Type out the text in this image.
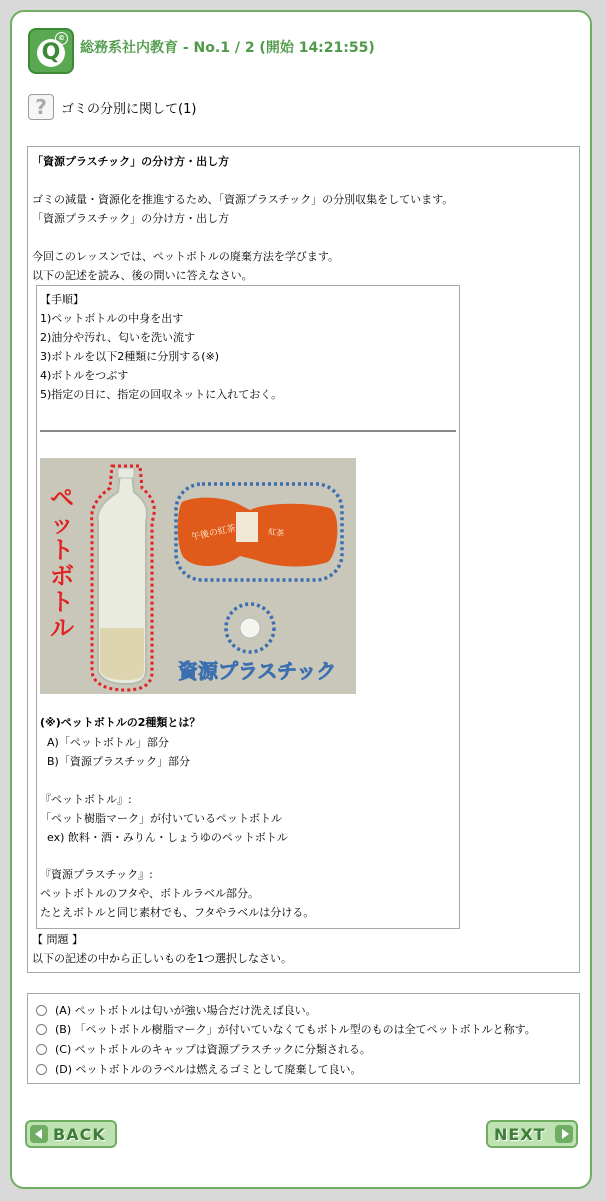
Q
©
総務系社内教育 - No.1 / 2 (開始 14:21:55)
?	ゴミの分別に関して(1)
「資源プラスチック」の分け方・出し方
ゴミの減量・資源化を推進するため、「資源プラスチック」の分別収集をしています。
「資源プラスチック」の分け方・出し方
今回このレッスンでは、ペットボトルの廃棄方法を学びます。
以下の記述を読み、後の問いに答えなさい。
【手順】
1)ペットボトルの中身を出す
2)油分や汚れ、匂いを洗い流す
3)ボトルを以下2種類に分別する(※)
4)ボトルをつぶす
5)指定の日に、指定の回収ネットに入れておく。
ペ
ッ
ト
ボ
ト
ル
午後の紅茶	紅茶
資源プラスチック
(※)ペットボトルの2種類とは？
A)「ペットボトル」部分
B)「資源プラスチック」部分
『ペットボトル』:
「ペット樹脂マーク」が付いているペットボトル
ex) 飲料・酒・みりん・しょうゆのペットボトル
『資源プラスチック』:
ペットボトルのフタや、ボトルラベル部分。
たとえボトルと同じ素材でも、フタやラベルは分ける。
【 問題 】
以下の記述の中から正しいものを1つ選択しなさい。
(A) ペットボトルは匂いが強い場合だけ洗えば良い。
(B) 「ペットボトル樹脂マーク」が付いていなくてもボトル型のものは全てペットボトルと称す。
(C) ペットボトルのキャップは資源プラスチックに分類される。
(D) ペットボトルのラベルは燃えるゴミとして廃棄して良い。
BACK	NEXT
